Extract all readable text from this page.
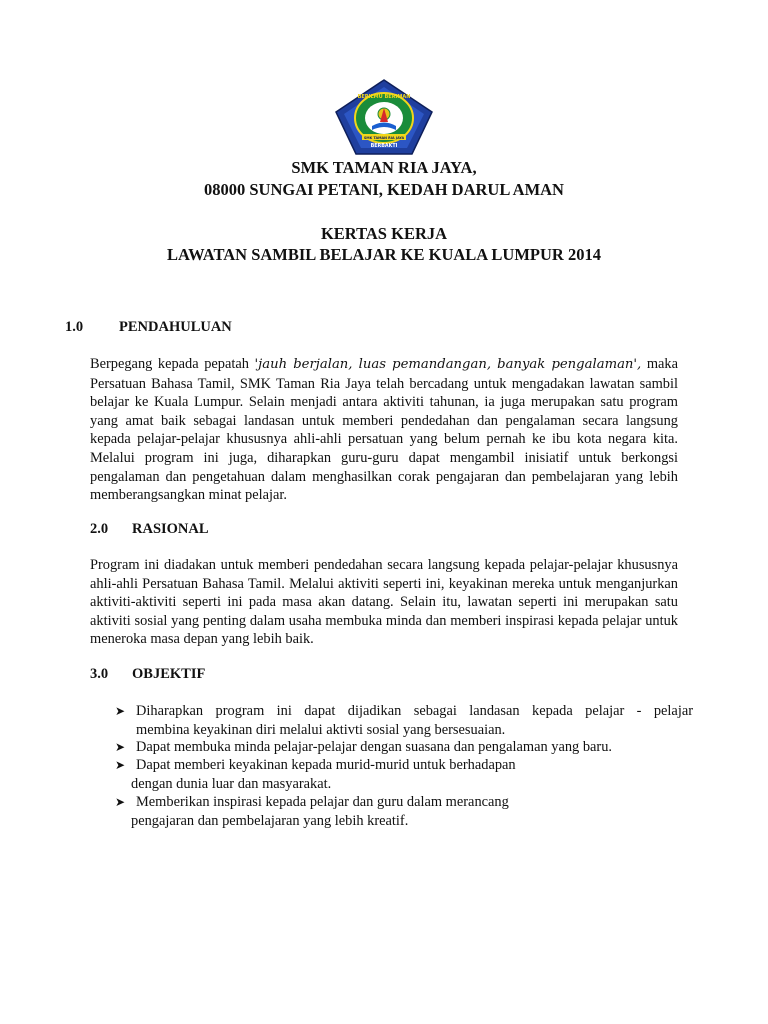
BERILMU BERIMAN
SMK TAMAN RIA JAYA
BERBAKTI
SMK TAMAN RIA JAYA,
08000 SUNGAI PETANI, KEDAH DARUL AMAN
KERTAS KERJA
LAWATAN SAMBIL BELAJAR KE KUALA LUMPUR 2014
1.0 PENDAHULUAN
Berpegang kepada pepatah 'jauh berjalan, luas pemandangan, banyak pengalaman', maka Persatuan Bahasa Tamil, SMK Taman Ria Jaya telah bercadang untuk mengadakan lawatan sambil belajar ke Kuala Lumpur. Selain menjadi antara aktiviti tahunan, ia juga merupakan satu program yang amat baik sebagai landasan untuk memberi pendedahan dan pengalaman secara langsung kepada pelajar-pelajar khususnya ahli-ahli persatuan yang belum pernah ke ibu kota negara kita. Melalui program ini juga, diharapkan guru-guru dapat mengambil inisiatif untuk berkongsi pengalaman dan pengetahuan dalam menghasilkan corak pengajaran dan pembelajaran yang lebih memberangsangkan minat pelajar.
2.0 RASIONAL
Program ini diadakan untuk memberi pendedahan secara langsung kepada pelajar-pelajar khususnya ahli-ahli Persatuan Bahasa Tamil. Melalui aktiviti seperti ini, keyakinan mereka untuk menganjurkan aktiviti-aktiviti seperti ini pada masa akan datang. Selain itu, lawatan seperti ini merupakan satu aktiviti sosial yang penting dalam usaha membuka minda dan memberi inspirasi kepada pelajar untuk meneroka masa depan yang lebih baik.
3.0 OBJEKTIF
➤ Diharapkan program ini dapat dijadikan sebagai landasan kepada pelajar - pelajar
membina keyakinan diri melalui aktivti sosial yang bersesuaian.
➤ Dapat membuka minda pelajar-pelajar dengan suasana dan pengalaman yang baru.
➤ Dapat memberi keyakinan kepada murid-murid untuk berhadapan
dengan dunia luar dan masyarakat.
➤ Memberikan inspirasi kepada pelajar dan guru dalam merancang
pengajaran dan pembelajaran yang lebih kreatif.
